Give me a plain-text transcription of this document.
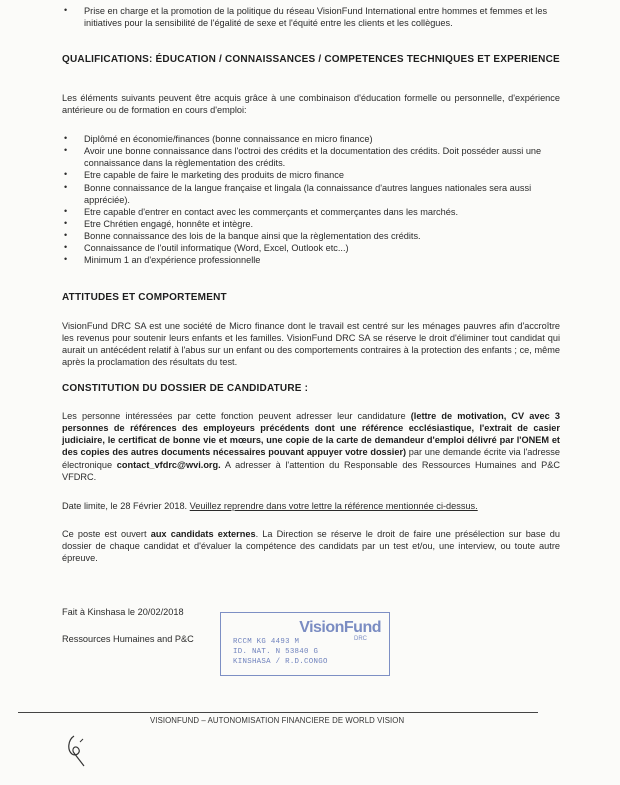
• Prise en charge et la promotion de la politique du réseau VisionFund International entre hommes et femmes et les initiatives pour la sensibilité de l'égalité de sexe et l'équité entre les clients et les collègues.
QUALIFICATIONS: ÉDUCATION / CONNAISSANCES / COMPETENCES TECHNIQUES ET EXPERIENCE

Les éléments suivants peuvent être acquis grâce à une combinaison d'éducation formelle ou personnelle, d'expérience antérieure ou de formation en cours d'emploi:

• Diplômé en économie/finances (bonne connaissance en micro finance)
• Avoir une bonne connaissance dans l'octroi des crédits et la documentation des crédits. Doit posséder aussi une connaissance dans la règlementation des crédits.
• Etre capable de faire le marketing des produits de micro finance
• Bonne connaissance de la langue française et lingala (la connaissance d'autres langues nationales sera aussi appréciée).
• Etre capable d'entrer en contact avec les commerçants et commerçantes dans les marchés.
• Etre Chrétien engagé, honnête et intègre.
• Bonne connaissance des lois de la banque ainsi que la règlementation des crédits.
• Connaissance de l'outil informatique (Word, Excel, Outlook etc...)
• Minimum 1 an d'expérience professionnelle
ATTITUDES ET COMPORTEMENT

VisionFund DRC SA est une société de Micro finance dont le travail est centré sur les ménages pauvres afin d'accroître les revenus pour soutenir leurs enfants et les familles. VisionFund DRC SA se réserve le droit d'éliminer tout candidat qui aurait un antécédent relatif à l'abus sur un enfant ou des comportements contraires à la protection des enfants ; ce, même après la proclamation des résultats du test.

CONSTITUTION DU DOSSIER DE CANDIDATURE :

Les personne intéressées par cette fonction peuvent adresser leur candidature (lettre de motivation, CV avec 3 personnes de références des employeurs précédents dont une référence ecclésiastique, l'extrait de casier judiciaire, le certificat de bonne vie et mœurs, une copie de la carte de demandeur d'emploi délivré par l'ONEM et des copies des autres documents nécessaires pouvant appuyer votre dossier) par une demande écrite via l'adresse électronique contact_vfdrc@wvi.org. A adresser à l'attention du Responsable des Ressources Humaines and P&C VFDRC.

Date limite, le 28 Février 2018. Veuillez reprendre dans votre lettre la référence mentionnée ci-dessus.

Ce poste est ouvert aux candidats externes. La Direction se réserve le droit de faire une présélection sur base du dossier de chaque candidat et d'évaluer la compétence des candidats par un test et/ou, une interview, ou toute autre épreuve.

Fait à Kinshasa le 20/02/2018

Ressources Humaines and P&C

VisionFund
DRC
RCCM KG 4493 M
ID. NAT. N 53840 G
KINSHASA / R.D.CONGO
VISIONFUND – AUTONOMISATION FINANCIERE DE WORLD VISION
